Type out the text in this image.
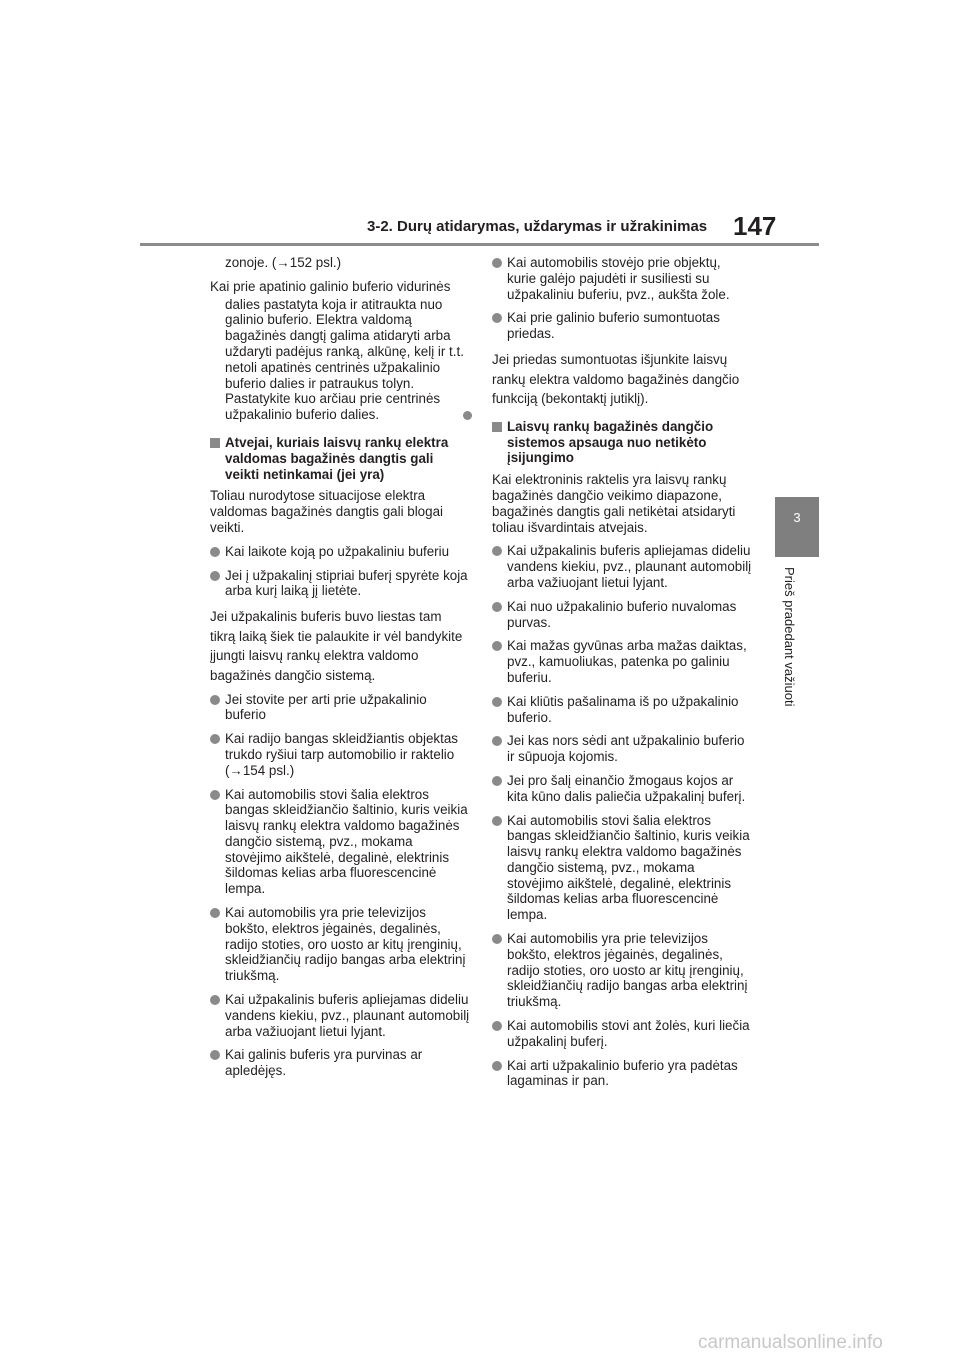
3-2. Durų atidarymas, uždarymas ir užrakinimas 147
3
Prieš pradedant važiuoti

zonoje. (→152 psl.)

Kai prie apatinio galinio buferio vidurinės

dalies pastatyta koja ir atitraukta nuo galinio buferio. Elektra valdomą bagažinės dangtį galima atidaryti arba uždaryti padėjus ranką, alkūnę, kelį ir t.t. netoli apatinės centrinės užpakalinio buferio dalies ir patraukus tolyn. Pastatykite kuo arčiau prie centrinės užpakalinio buferio dalies.

Atvejai, kuriais laisvų rankų elektra valdomas bagažinės dangtis gali veikti netinkamai (jei yra)

Toliau nurodytose situacijose elektra valdomas bagažinės dangtis gali blogai veikti.

Kai laikote koją po užpakaliniu buferiu
Jei į užpakalinį stipriai buferį spyrėte koja arba kurį laiką jį lietėte.

Jei užpakalinis buferis buvo liestas tam tikrą laiką šiek tie palaukite ir vėl bandykite įjungti laisvų rankų elektra valdomo bagažinės dangčio sistemą.

Jei stovite per arti prie užpakalinio buferio
Kai radijo bangas skleidžiantis objektas trukdo ryšiui tarp automobilio ir raktelio (→154 psl.)
Kai automobilis stovi šalia elektros bangas skleidžiančio šaltinio, kuris veikia laisvų rankų elektra valdomo bagažinės dangčio sistemą, pvz., mokama stovėjimo aikštelė, degalinė, elektrinis šildomas kelias arba fluorescencinė lempa.
Kai automobilis yra prie televizijos bokšto, elektros jėgainės, degalinės, radijo stoties, oro uosto ar kitų įrenginių, skleidžiančių radijo bangas arba elektrinį triukšmą.
Kai užpakalinis buferis apliejamas dideliu vandens kiekiu, pvz., plaunant automobilį arba važiuojant lietui lyjant.
Kai galinis buferis yra purvinas ar apledėjęs.
Kai automobilis stovėjo prie objektų, kurie galėjo pajudėti ir susiliesti su užpakaliniu buferiu, pvz., aukšta žole.
Kai prie galinio buferio sumontuotas priedas.

Jei priedas sumontuotas išjunkite laisvų rankų elektra valdomo bagažinės dangčio funkciją (bekontaktį jutiklį).

Laisvų rankų bagažinės dangčio sistemos apsauga nuo netikėto įsijungimo

Kai elektroninis raktelis yra laisvų rankų bagažinės dangčio veikimo diapazone, bagažinės dangtis gali netikėtai atsidaryti toliau išvardintais atvejais.

Kai užpakalinis buferis apliejamas dideliu vandens kiekiu, pvz., plaunant automobilį arba važiuojant lietui lyjant.
Kai nuo užpakalinio buferio nuvalomas purvas.
Kai mažas gyvūnas arba mažas daiktas, pvz., kamuoliukas, patenka po galiniu buferiu.
Kai kliūtis pašalinama iš po užpakalinio buferio.
Jei kas nors sėdi ant užpakalinio buferio ir sūpuoja kojomis.
Jei pro šalį einančio žmogaus kojos ar kita kūno dalis paliečia užpakalinį buferį.
Kai automobilis stovi šalia elektros bangas skleidžiančio šaltinio, kuris veikia laisvų rankų elektra valdomo bagažinės dangčio sistemą, pvz., mokama stovėjimo aikštelė, degalinė, elektrinis šildomas kelias arba fluorescencinė lempa.
Kai automobilis yra prie televizijos bokšto, elektros jėgainės, degalinės, radijo stoties, oro uosto ar kitų įrenginių, skleidžiančių radijo bangas arba elektrinį triukšmą.
Kai automobilis stovi ant žolės, kuri liečia užpakalinį buferį.
Kai arti užpakalinio buferio yra padėtas lagaminas ir pan.
carmanualsonline.info
